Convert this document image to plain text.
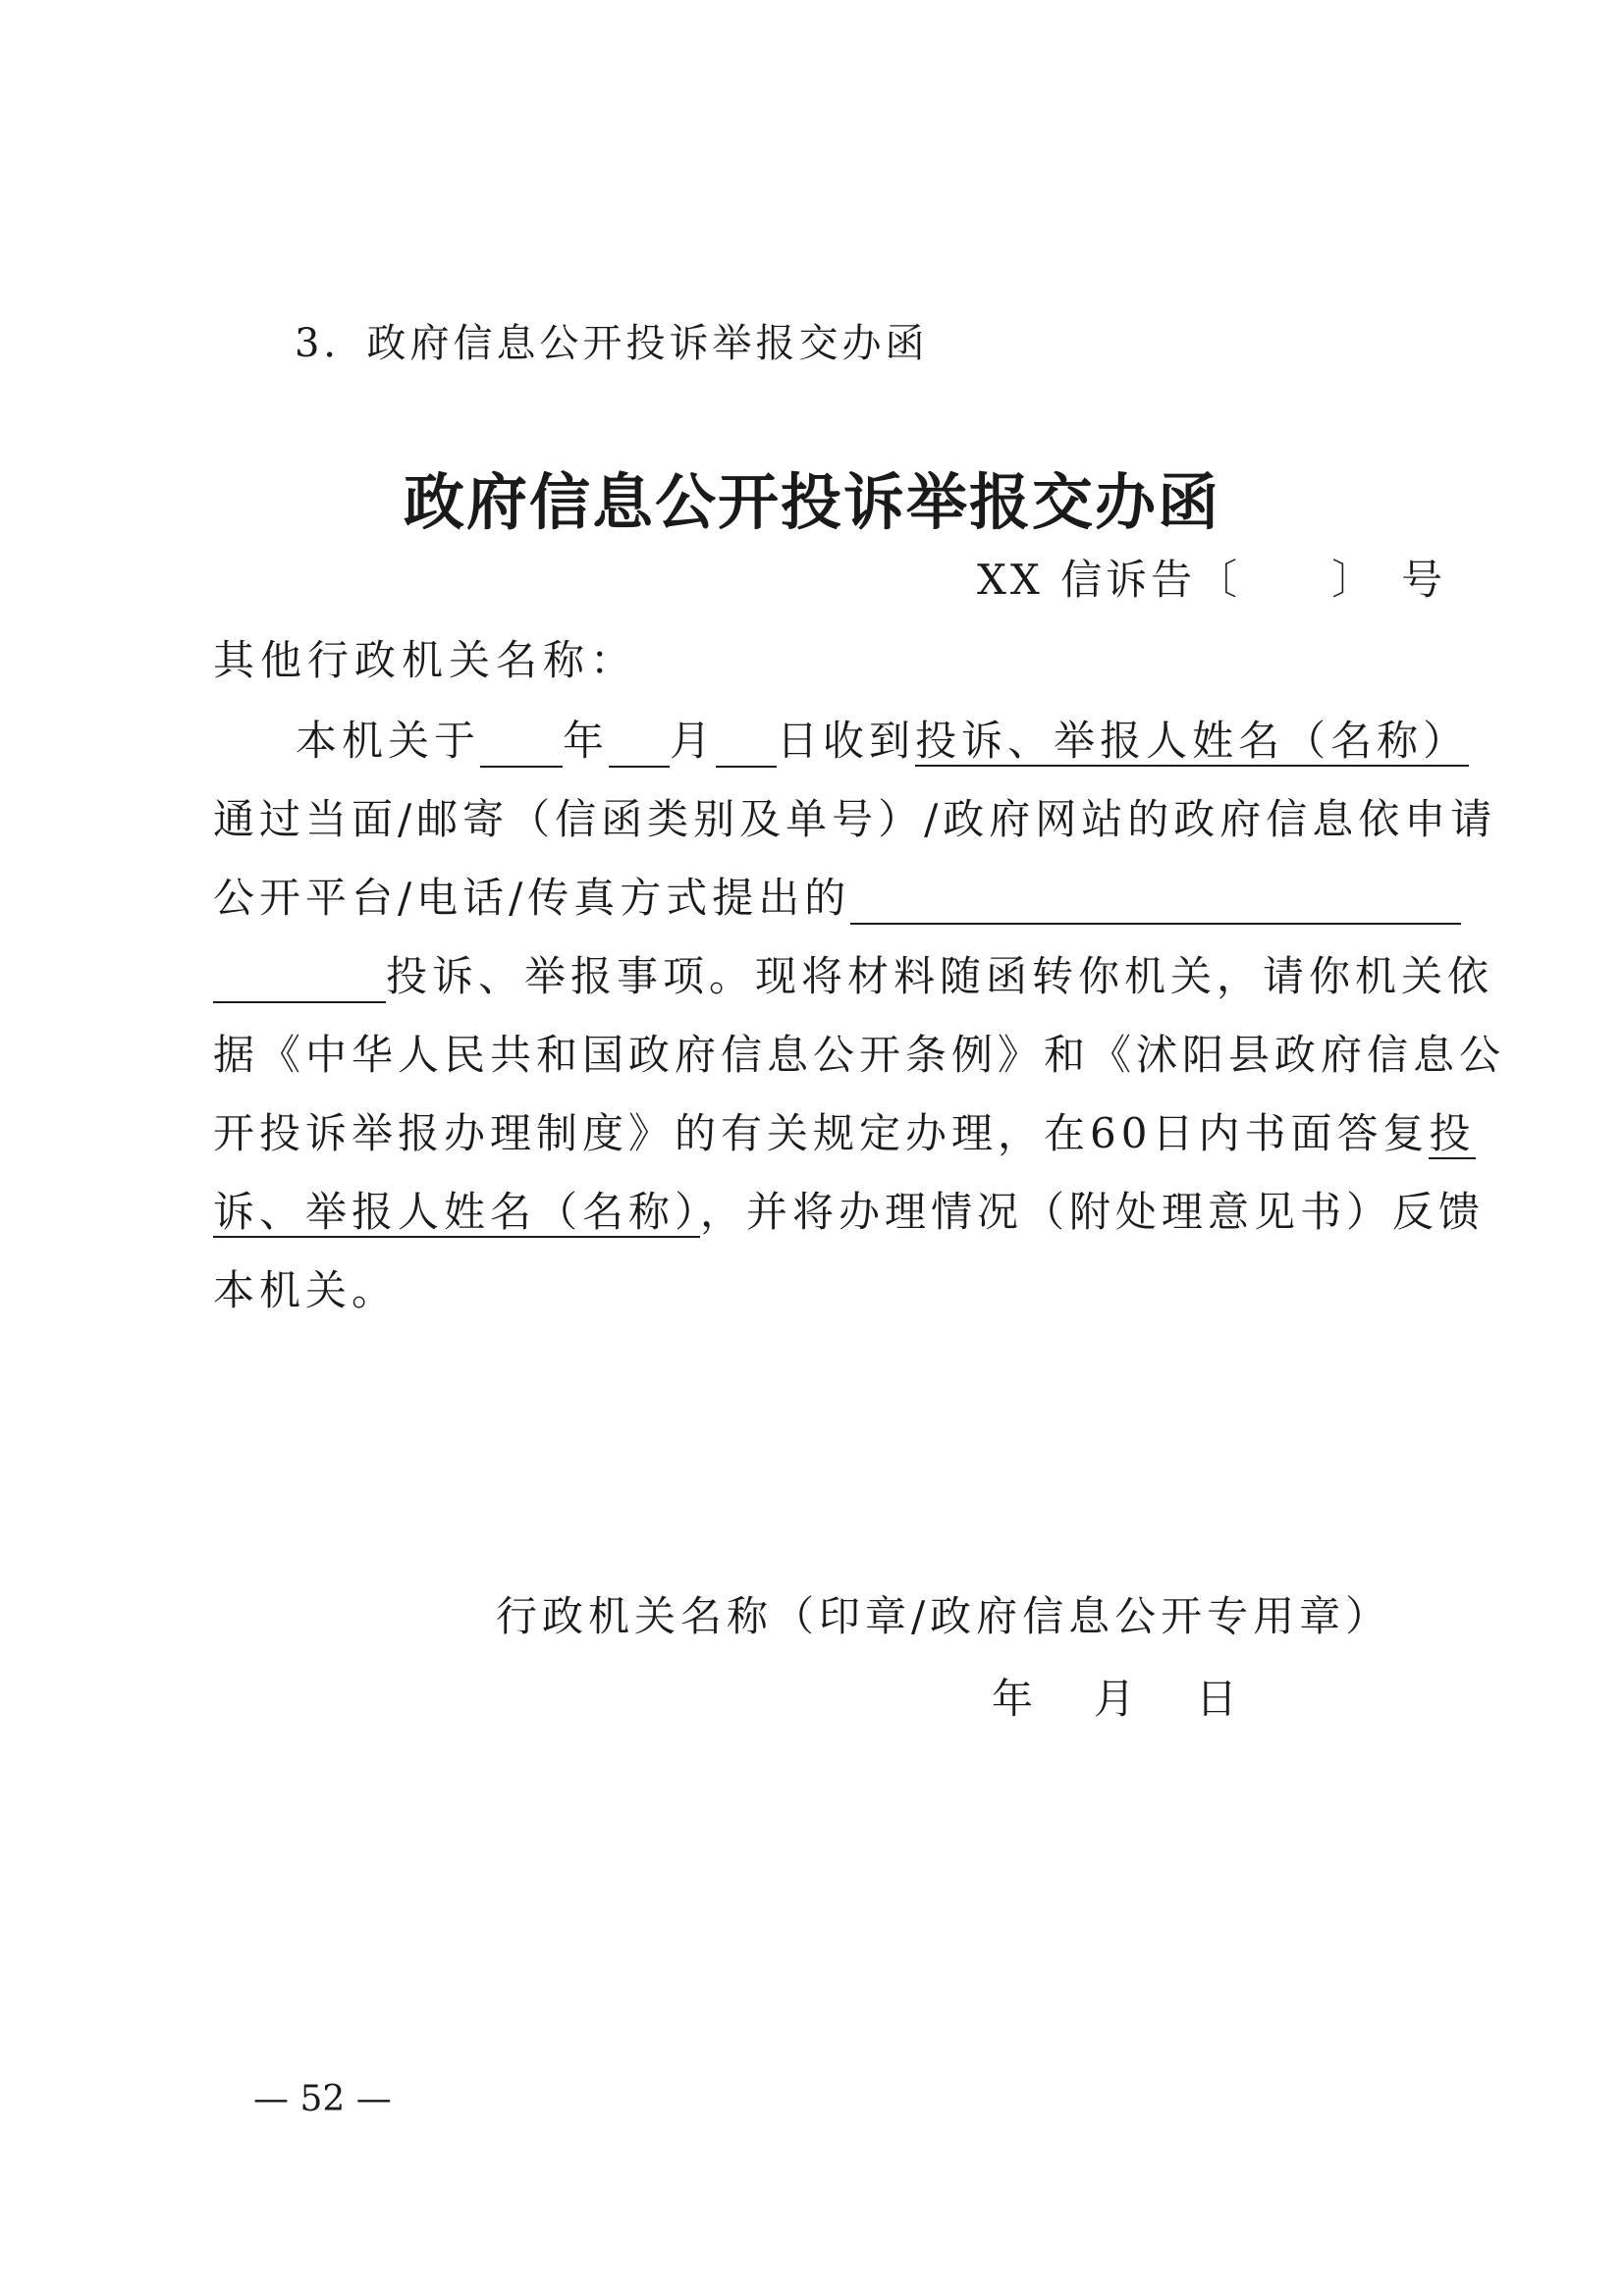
3．政府信息公开投诉举报交办函
政府信息公开投诉举报交办函
XX 信诉告〔　　〕　号
其他行政机关名称：
本机关于 年 月 日收到投诉、举报人姓名（名称）
通过当面/邮寄（信函类别及单号）/政府网站的政府信息依申请
公开平台/电话/传真方式提出的
投诉、举报事项。现将材料随函转你机关，请你机关依
据《中华人民共和国政府信息公开条例》和《沭阳县政府信息公
开投诉举报办理制度》的有关规定办理，在60日内书面答复投
诉、举报人姓名（名称），并将办理情况（附处理意见书）反馈
本机关。
行政机关名称（印章/政府信息公开专用章）
年 月 日
— 52 —
